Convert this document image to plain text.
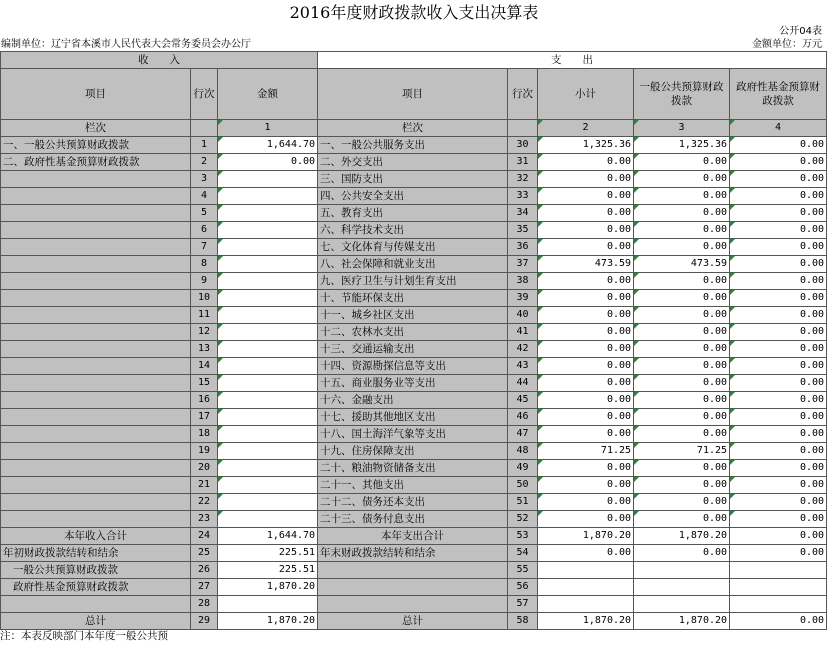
2016年度财政拨款收入支出决算表
公开04表
编制单位：辽宁省本溪市人民代表大会常务委员会办公厅	金额单位：万元
收　　入			支　　出				
项目	行次	金额	项目	行次	小计	一般公共预算财政拨款	政府性基金预算财政拨款
栏次		1	栏次		2	3	4
一、一般公共预算财政拨款	1	1,644.70	一、一般公共服务支出	30	1,325.36	1,325.36	0.00
二、政府性基金预算财政拨款	2	0.00	二、外交支出	31	0.00	0.00	0.00
	3		三、国防支出	32	0.00	0.00	0.00
	4		四、公共安全支出	33	0.00	0.00	0.00
	5		五、教育支出	34	0.00	0.00	0.00
	6		六、科学技术支出	35	0.00	0.00	0.00
	7		七、文化体育与传媒支出	36	0.00	0.00	0.00
	8		八、社会保障和就业支出	37	473.59	473.59	0.00
	9		九、医疗卫生与计划生育支出	38	0.00	0.00	0.00
	10		十、节能环保支出	39	0.00	0.00	0.00
	11		十一、城乡社区支出	40	0.00	0.00	0.00
	12		十二、农林水支出	41	0.00	0.00	0.00
	13		十三、交通运输支出	42	0.00	0.00	0.00
	14		十四、资源勘探信息等支出	43	0.00	0.00	0.00
	15		十五、商业服务业等支出	44	0.00	0.00	0.00
	16		十六、金融支出	45	0.00	0.00	0.00
	17		十七、援助其他地区支出	46	0.00	0.00	0.00
	18		十八、国土海洋气象等支出	47	0.00	0.00	0.00
	19		十九、住房保障支出	48	71.25	71.25	0.00
	20		二十、粮油物资储备支出	49	0.00	0.00	0.00
	21		二十一、其他支出	50	0.00	0.00	0.00
	22		二十二、债务还本支出	51	0.00	0.00	0.00
	23		二十三、债务付息支出	52	0.00	0.00	0.00
本年收入合计	24	1,644.70	本年支出合计	53	1,870.20	1,870.20	0.00
年初财政拨款结转和结余	25	225.51	年末财政拨款结转和结余	54	0.00	0.00	0.00
一般公共预算财政拨款	26	225.51		55			
政府性基金预算财政拨款	27	1,870.20		56			
	28			57			
总计	29	1,870.20	总计	58	1,870.20	1,870.20	0.00
注：本表反映部门本年度一般公共预
